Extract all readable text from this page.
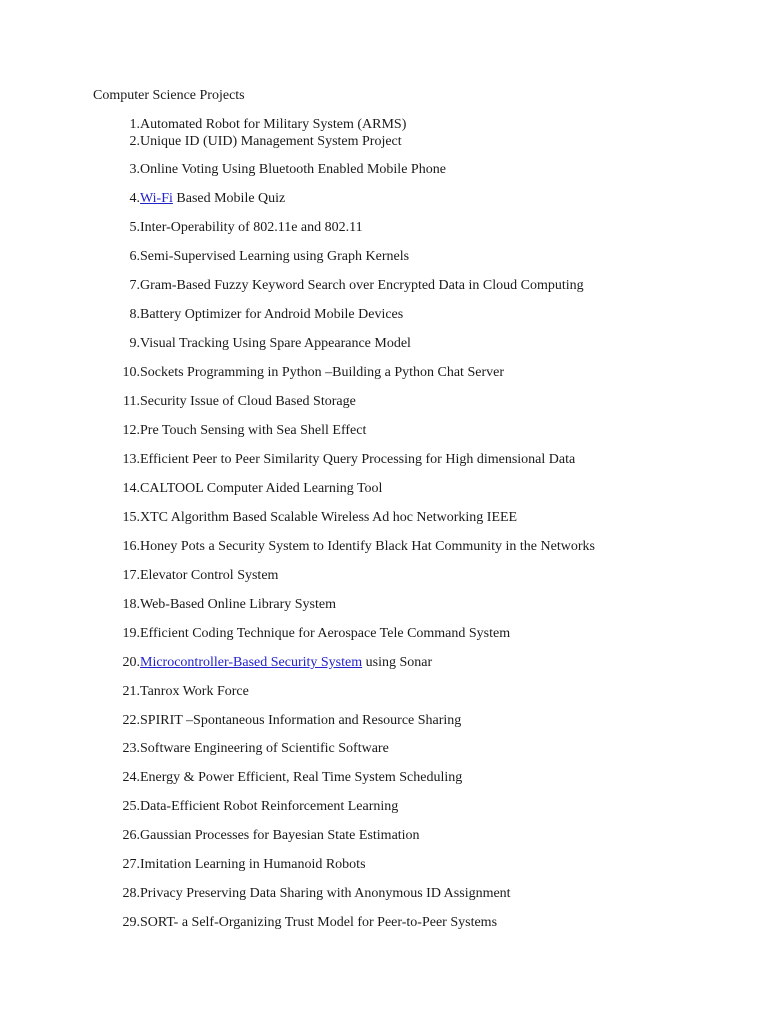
Computer Science Projects
1. Automated Robot for Military System (ARMS)
2. Unique ID (UID) Management System Project
3. Online Voting Using Bluetooth Enabled Mobile Phone
4. Wi-Fi Based Mobile Quiz
5. Inter-Operability of 802.11e and 802.11
6. Semi-Supervised Learning using Graph Kernels
7. Gram-Based Fuzzy Keyword Search over Encrypted Data in Cloud Computing
8. Battery Optimizer for Android Mobile Devices
9. Visual Tracking Using Spare Appearance Model
10. Sockets Programming in Python –Building a Python Chat Server
11. Security Issue of Cloud Based Storage
12. Pre Touch Sensing with Sea Shell Effect
13. Efficient Peer to Peer Similarity Query Processing for High dimensional Data
14. CALTOOL Computer Aided Learning Tool
15. XTC Algorithm Based Scalable Wireless Ad hoc Networking IEEE
16. Honey Pots a Security System to Identify Black Hat Community in the Networks
17. Elevator Control System
18. Web-Based Online Library System
19. Efficient Coding Technique for Aerospace Tele Command System
20. Microcontroller-Based Security System using Sonar
21. Tanrox Work Force
22. SPIRIT –Spontaneous Information and Resource Sharing
23. Software Engineering of Scientific Software
24. Energy & Power Efficient, Real Time System Scheduling
25. Data-Efficient Robot Reinforcement Learning
26. Gaussian Processes for Bayesian State Estimation
27. Imitation Learning in Humanoid Robots
28. Privacy Preserving Data Sharing with Anonymous ID Assignment
29. SORT- a Self-Organizing Trust Model for Peer-to-Peer Systems
